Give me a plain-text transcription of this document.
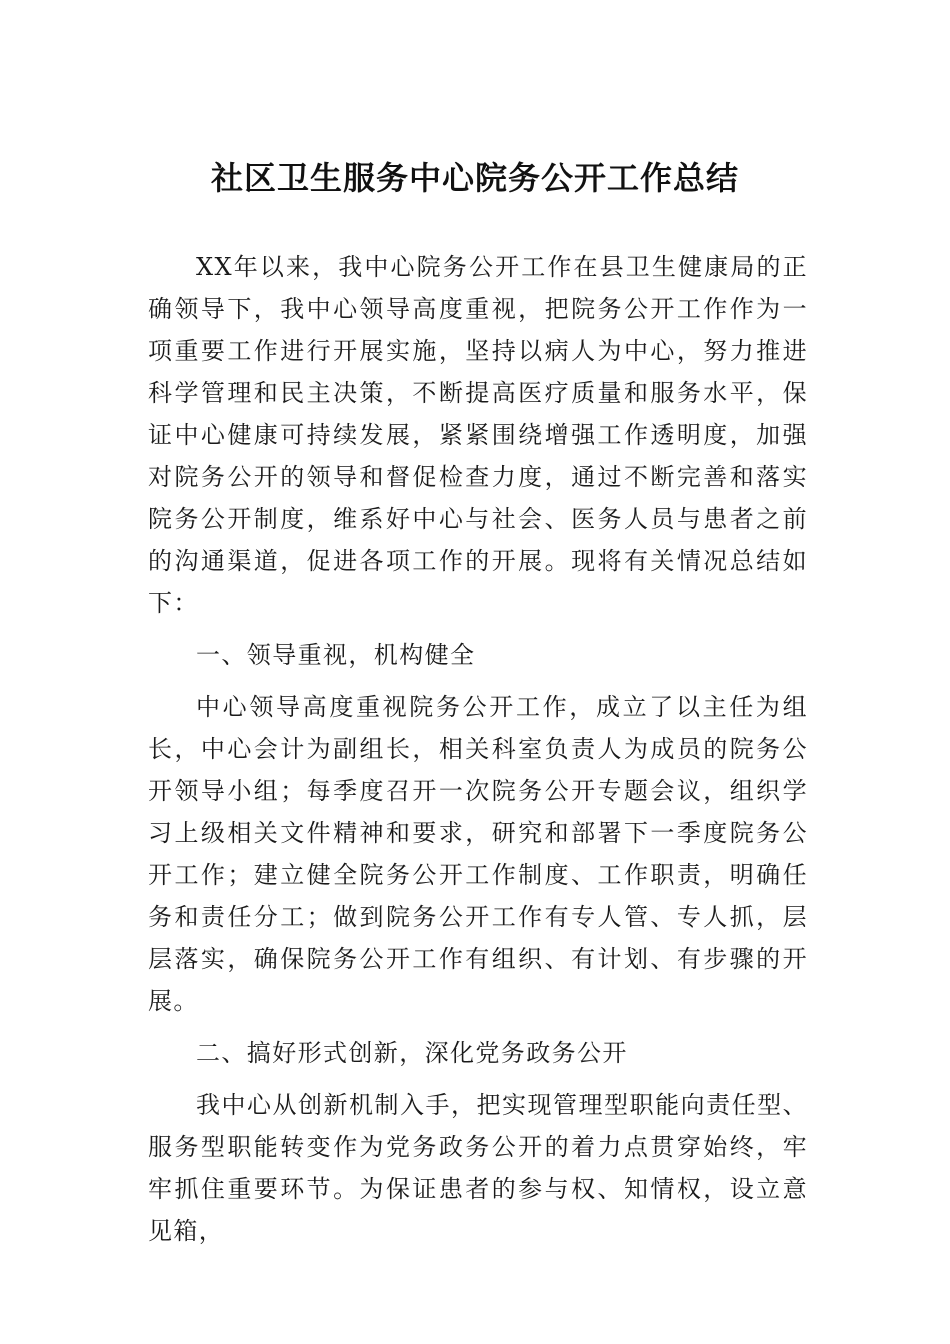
社区卫生服务中心院务公开工作总结

XX年以来，我中心院务公开工作在县卫生健康局的正确领导下，我中心领导高度重视，把院务公开工作作为一项重要工作进行开展实施，坚持以病人为中心，努力推进科学管理和民主决策，不断提高医疗质量和服务水平，保证中心健康可持续发展，紧紧围绕增强工作透明度，加强对院务公开的领导和督促检查力度，通过不断完善和落实院务公开制度，维系好中心与社会、医务人员与患者之前的沟通渠道，促进各项工作的开展。现将有关情况总结如下：

一、领导重视，机构健全

中心领导高度重视院务公开工作，成立了以主任为组长，中心会计为副组长，相关科室负责人为成员的院务公开领导小组；每季度召开一次院务公开专题会议，组织学习上级相关文件精神和要求，研究和部署下一季度院务公开工作；建立健全院务公开工作制度、工作职责，明确任务和责任分工；做到院务公开工作有专人管、专人抓，层层落实，确保院务公开工作有组织、有计划、有步骤的开展。

二、搞好形式创新，深化党务政务公开

我中心从创新机制入手，把实现管理型职能向责任型、服务型职能转变作为党务政务公开的着力点贯穿始终，牢牢抓住重要环节。为保证患者的参与权、知情权，设立意见箱，
